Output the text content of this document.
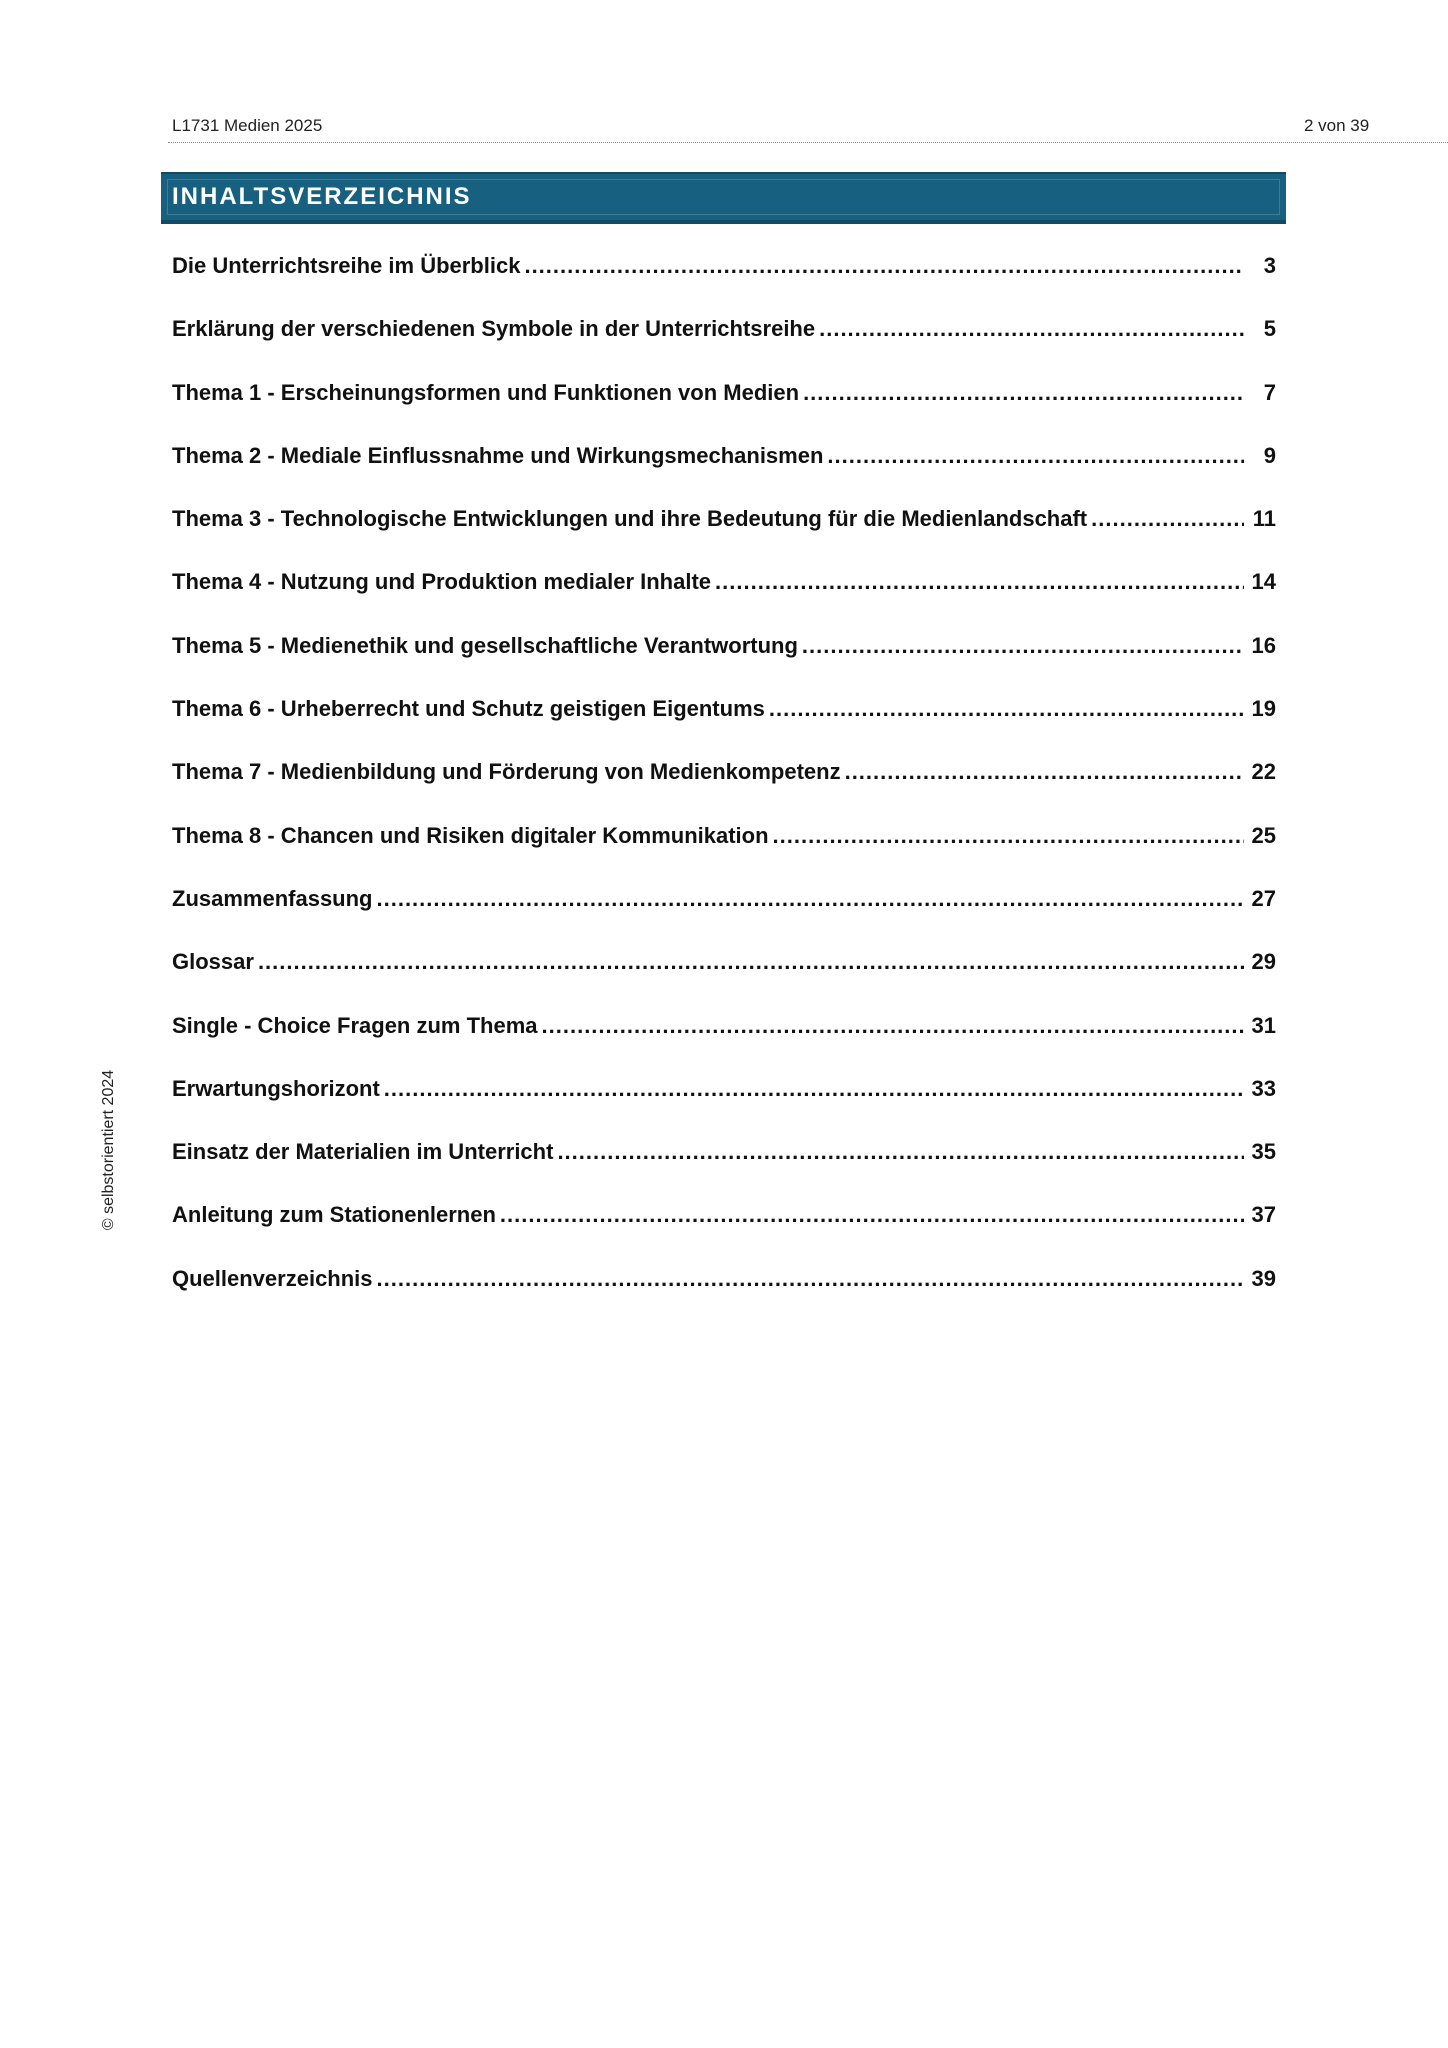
L1731 Medien 2025	2 von 39
INHALTSVERZEICHNIS
Die Unterrichtsreihe im Überblick .....	3
Erklärung der verschiedenen Symbole in der Unterrichtsreihe .....	5
Thema 1 - Erscheinungsformen und Funktionen von Medien .....	7
Thema 2 - Mediale Einflussnahme und Wirkungsmechanismen .....	9
Thema 3 - Technologische Entwicklungen und ihre Bedeutung für die Medienlandschaft .....	11
Thema 4 - Nutzung und Produktion medialer Inhalte .....	14
Thema 5 - Medienethik und gesellschaftliche Verantwortung .....	16
Thema 6 - Urheberrecht und Schutz geistigen Eigentums .....	19
Thema 7 - Medienbildung und Förderung von Medienkompetenz .....	22
Thema 8 - Chancen und Risiken digitaler Kommunikation .....	25
Zusammenfassung .....	27
Glossar .....	29
Single - Choice Fragen zum Thema .....	31
Erwartungshorizont .....	33
Einsatz der Materialien im Unterricht .....	35
Anleitung zum Stationenlernen .....	37
Quellenverzeichnis .....	39
© selbstorientiert 2024
